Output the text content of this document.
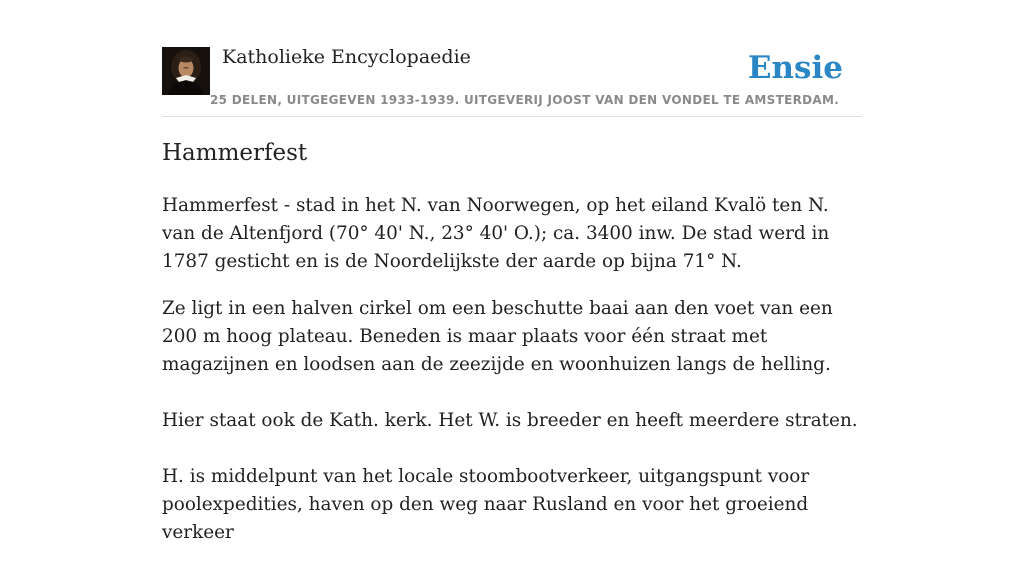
Katholieke Encyclopaedie
25 DELEN, UITGEGEVEN 1933-1939. UITGEVERIJ JOOST VAN DEN VONDEL TE AMSTERDAM.
Ensie
Hammerfest

Hammerfest - stad in het N. van Noorwegen, op het eiland Kvalö ten N. van de Altenfjord (70° 40' N., 23° 40' O.); ca. 3400 inw. De stad werd in 1787 gesticht en is de Noordelijkste der aarde op bijna 71° N.

Ze ligt in een halven cirkel om een beschutte baai aan den voet van een 200 m hoog plateau. Beneden is maar plaats voor één straat met magazijnen en loodsen aan de zeezijde en woonhuizen langs de helling.

Hier staat ook de Kath. kerk. Het W. is breeder en heeft meerdere straten.

H. is middelpunt van het locale stoombootverkeer, uitgangspunt voor poolexpedities, haven op den weg naar Rusland en voor het groeiend verkeer
